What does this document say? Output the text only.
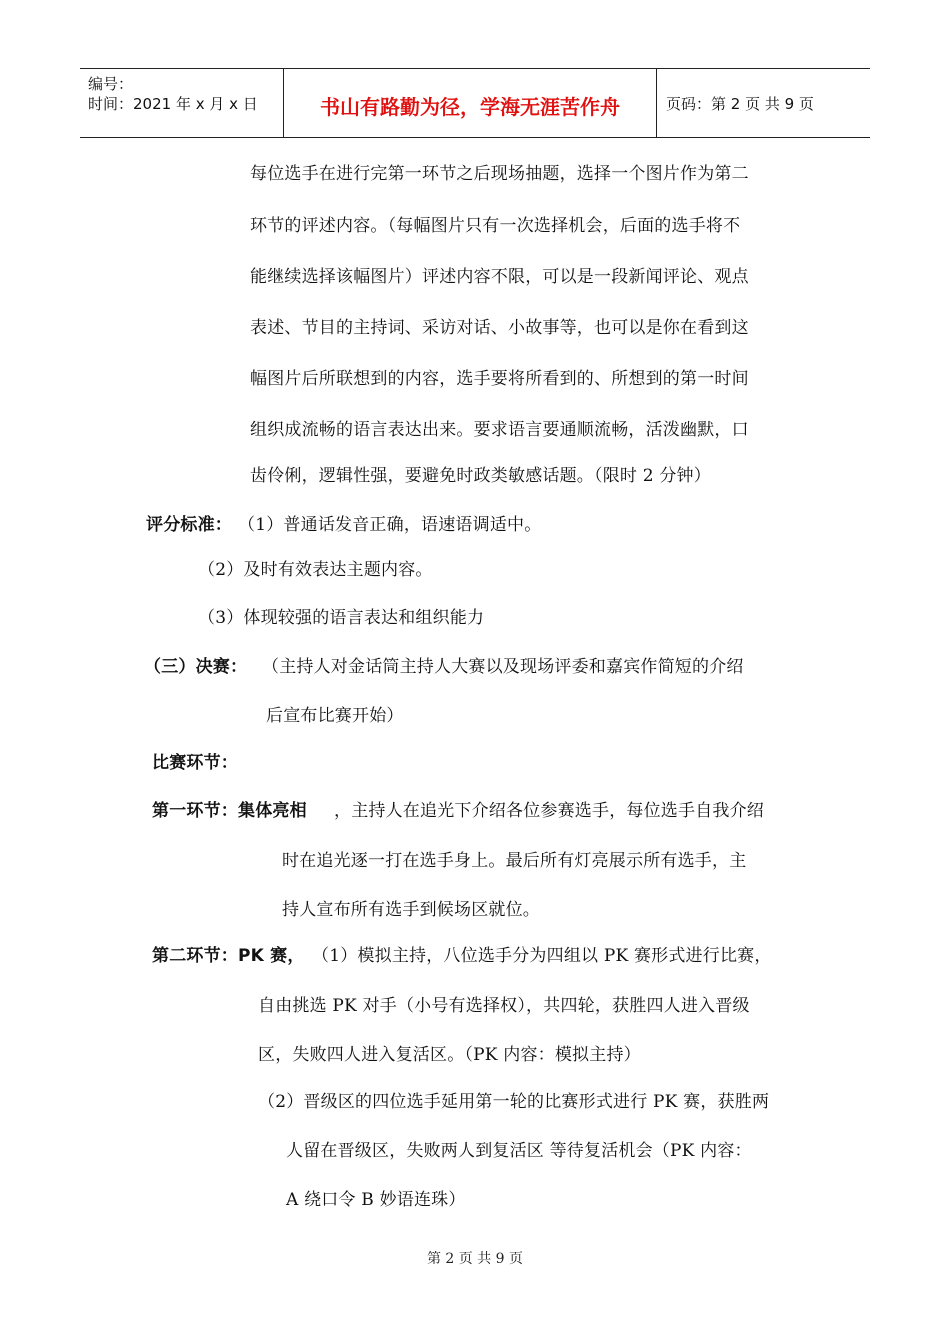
编号：
时间：2021 年 x 月 x 日	书山有路勤为径，学海无涯苦作舟	页码：第 2 页 共 9 页
每位选手在进行完第一环节之后现场抽题，选择一个图片作为第二
环节的评述内容。（每幅图片只有一次选择机会，后面的选手将不
能继续选择该幅图片）评述内容不限，可以是一段新闻评论、观点
表述、节目的主持词、采访对话、小故事等，也可以是你在看到这
幅图片后所联想到的内容，选手要将所看到的、所想到的第一时间
组织成流畅的语言表达出来。要求语言要通顺流畅，活泼幽默，口
齿伶俐，逻辑性强，要避免时政类敏感话题。（限时 2 分钟）
评分标准： （1）普通话发音正确，语速语调适中。
（2）及时有效表达主题内容。
（3）体现较强的语言表达和组织能力
（三）决赛： （主持人对金话筒主持人大赛以及现场评委和嘉宾作简短的介绍
后宣布比赛开始）
比赛环节：
第一环节：集体亮相 ，主持人在追光下介绍各位参赛选手，每位选手自我介绍
时在追光逐一打在选手身上。最后所有灯亮展示所有选手，主
持人宣布所有选手到候场区就位。
第二环节：PK 赛， （1）模拟主持，八位选手分为四组以 PK 赛形式进行比赛，
自由挑选 PK 对手（小号有选择权），共四轮，获胜四人进入晋级
区，失败四人进入复活区。（PK 内容：模拟主持）
（2）晋级区的四位选手延用第一轮的比赛形式进行 PK 赛，获胜两
人留在晋级区，失败两人到复活区 等待复活机会（PK 内容：
A 绕口令 B 妙语连珠）
第 2 页 共 9 页
